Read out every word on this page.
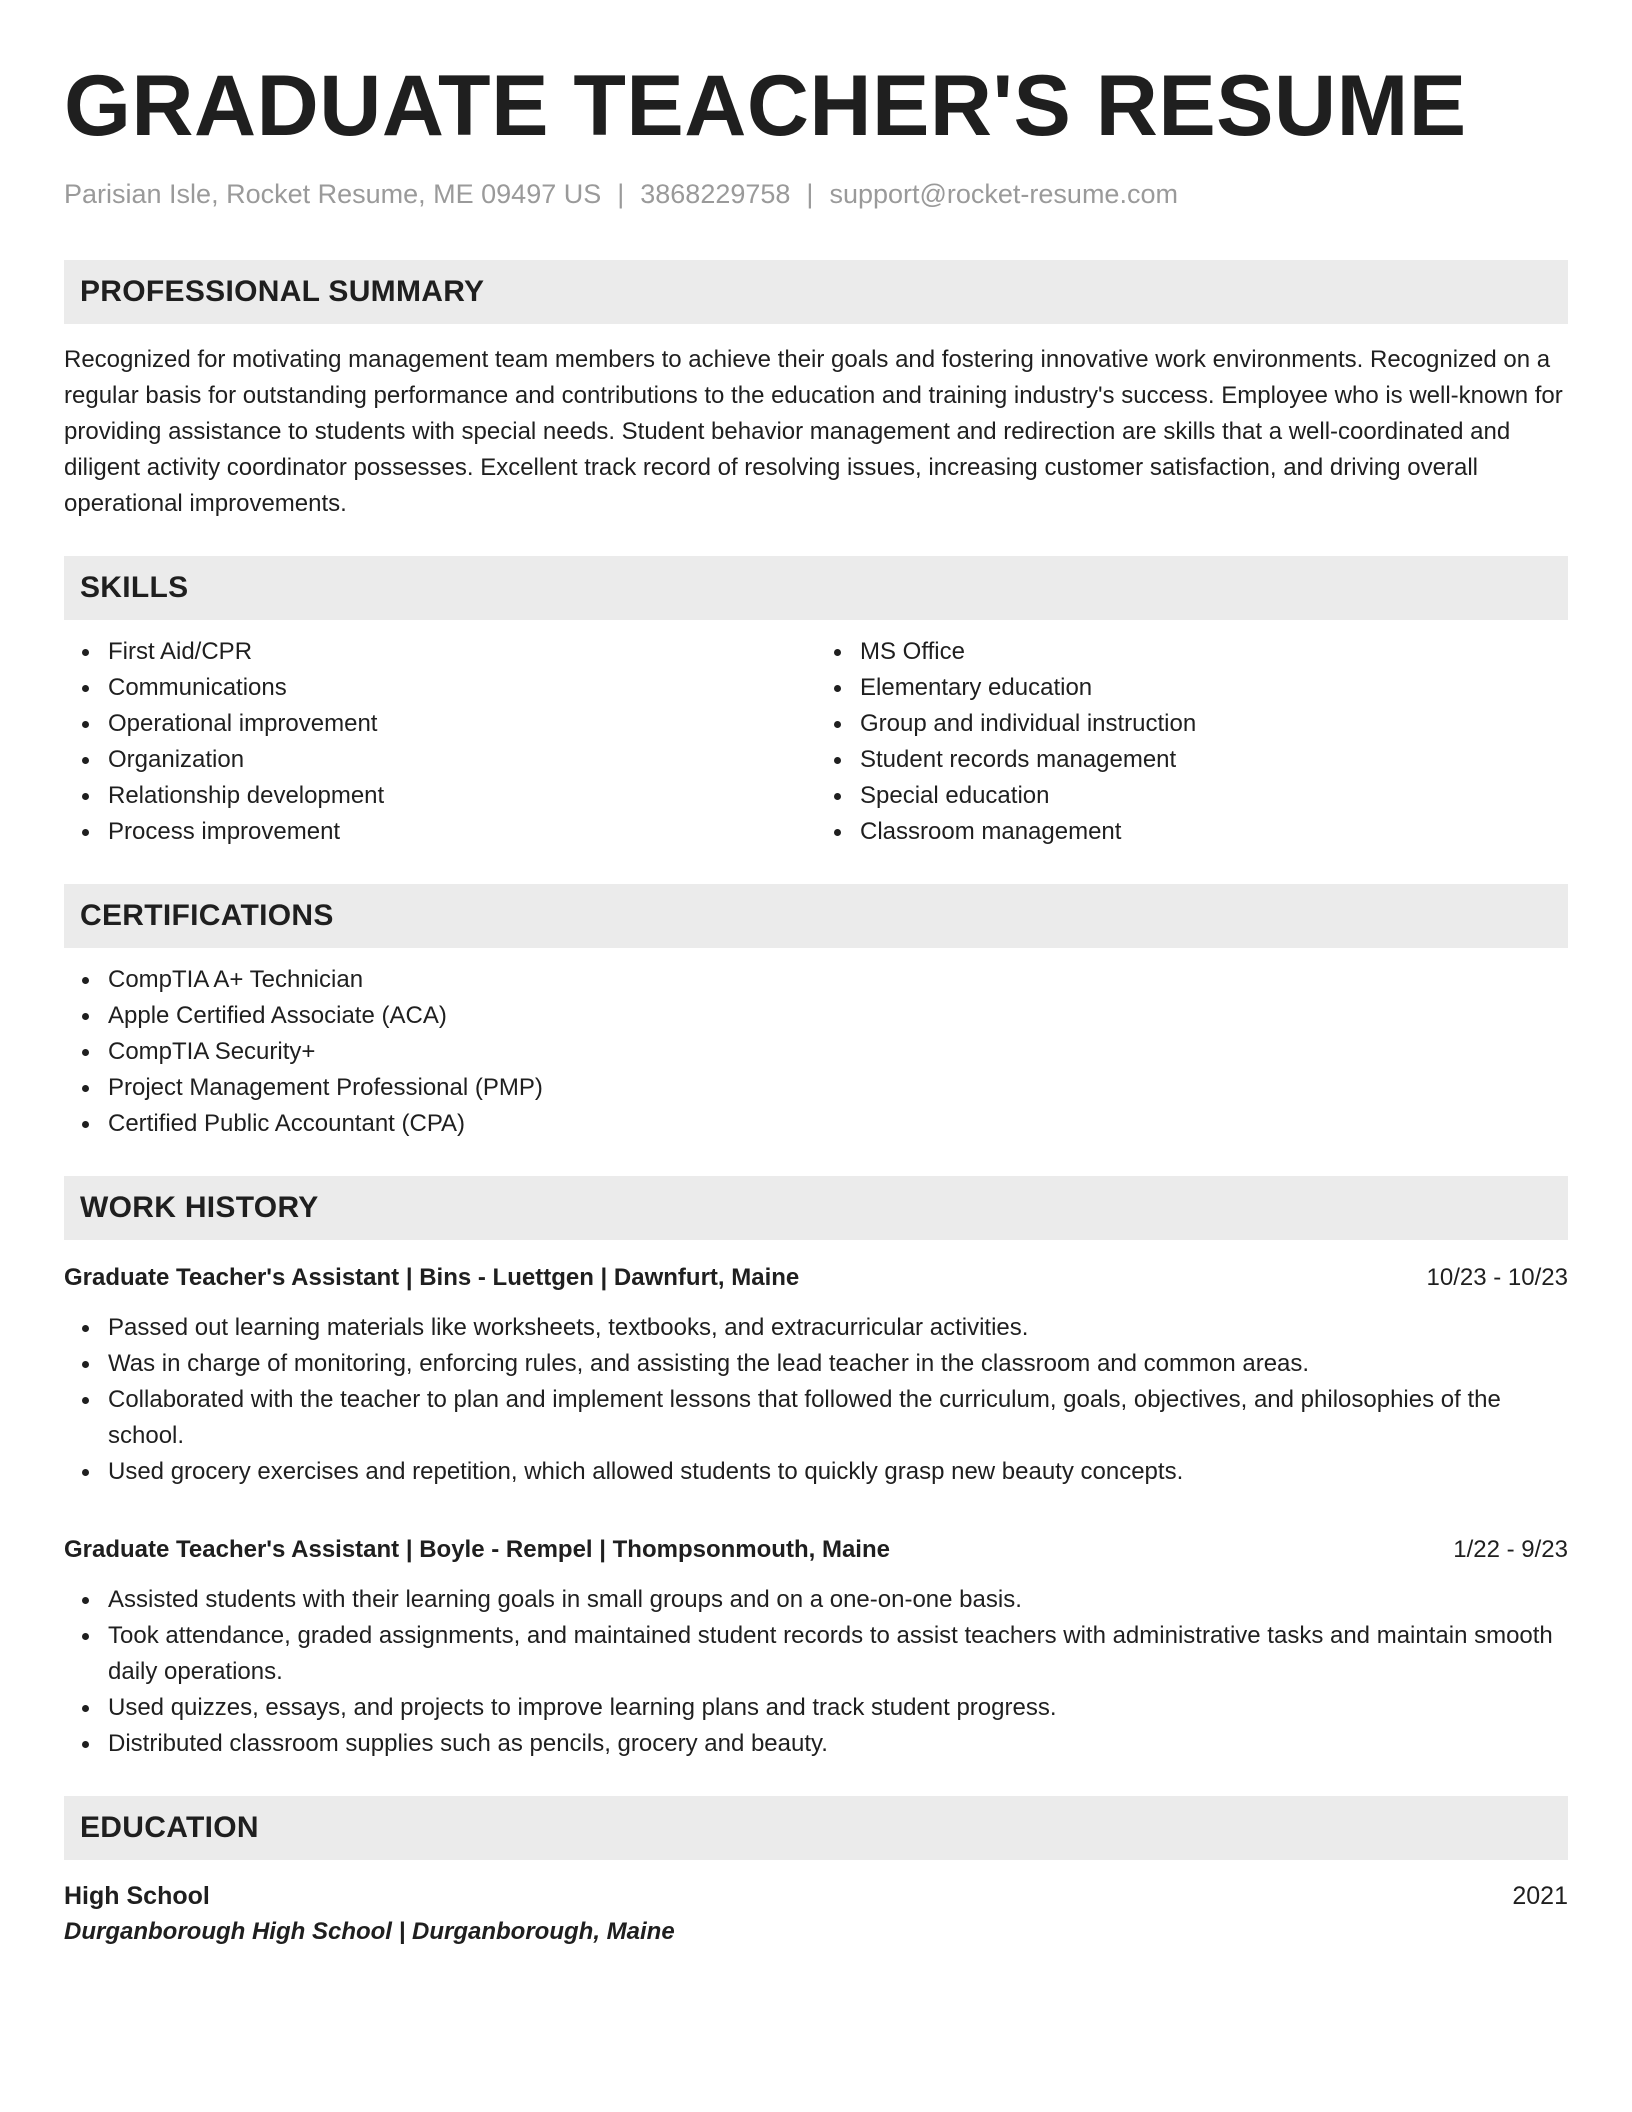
GRADUATE TEACHER'S RESUME
Parisian Isle, Rocket Resume, ME 09497 US | 3868229758 | support@rocket-resume.com
PROFESSIONAL SUMMARY
Recognized for motivating management team members to achieve their goals and fostering innovative work environments. Recognized on a regular basis for outstanding performance and contributions to the education and training industry's success. Employee who is well-known for providing assistance to students with special needs. Student behavior management and redirection are skills that a well-coordinated and diligent activity coordinator possesses. Excellent track record of resolving issues, increasing customer satisfaction, and driving overall operational improvements.
SKILLS
First Aid/CPR
Communications
Operational improvement
Organization
Relationship development
Process improvement
MS Office
Elementary education
Group and individual instruction
Student records management
Special education
Classroom management
CERTIFICATIONS
CompTIA A+ Technician
Apple Certified Associate (ACA)
CompTIA Security+
Project Management Professional (PMP)
Certified Public Accountant (CPA)
WORK HISTORY
Graduate Teacher's Assistant | Bins - Luettgen | Dawnfurt, Maine	10/23 - 10/23
Passed out learning materials like worksheets, textbooks, and extracurricular activities.
Was in charge of monitoring, enforcing rules, and assisting the lead teacher in the classroom and common areas.
Collaborated with the teacher to plan and implement lessons that followed the curriculum, goals, objectives, and philosophies of the school.
Used grocery exercises and repetition, which allowed students to quickly grasp new beauty concepts.
Graduate Teacher's Assistant | Boyle - Rempel | Thompsonmouth, Maine	1/22 - 9/23
Assisted students with their learning goals in small groups and on a one-on-one basis.
Took attendance, graded assignments, and maintained student records to assist teachers with administrative tasks and maintain smooth daily operations.
Used quizzes, essays, and projects to improve learning plans and track student progress.
Distributed classroom supplies such as pencils, grocery and beauty.
EDUCATION
High School	2021
Durganborough High School | Durganborough, Maine
